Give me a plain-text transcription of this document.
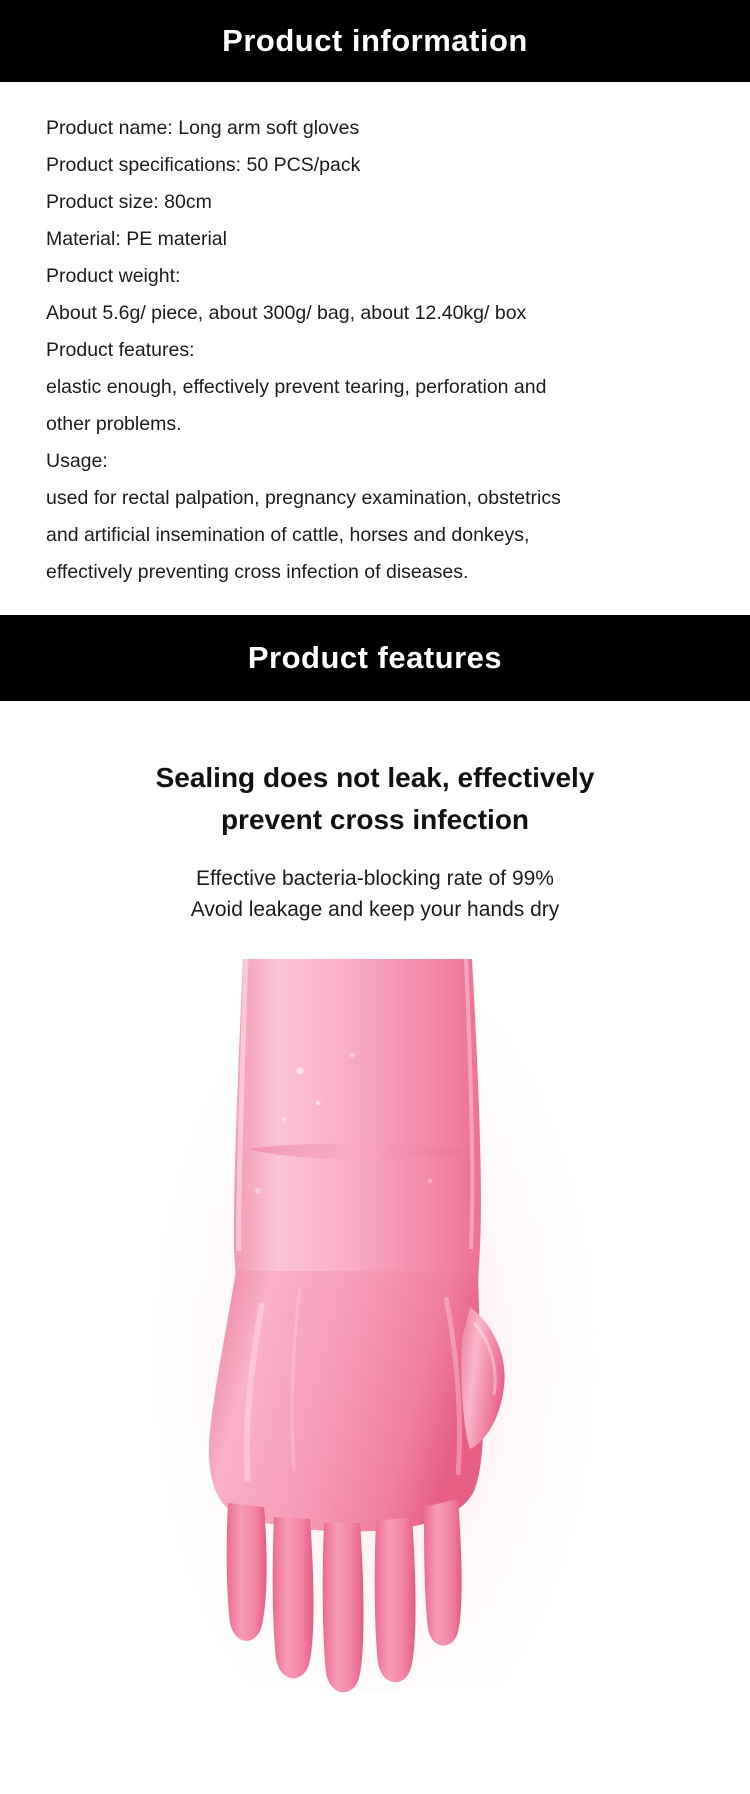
Product information
Product name: Long arm soft gloves
Product specifications: 50 PCS/pack
Product size: 80cm
Material: PE material
Product weight:
About 5.6g/ piece, about 300g/ bag, about 12.40kg/ box
Product features:
elastic enough, effectively prevent tearing, perforation and
other problems.
Usage:
used for rectal palpation, pregnancy examination, obstetrics
and artificial insemination of cattle, horses and donkeys,
effectively preventing cross infection of diseases.
Product features
Sealing does not leak, effectively
prevent cross infection
Effective bacteria-blocking rate of 99%
Avoid leakage and keep your hands dry
